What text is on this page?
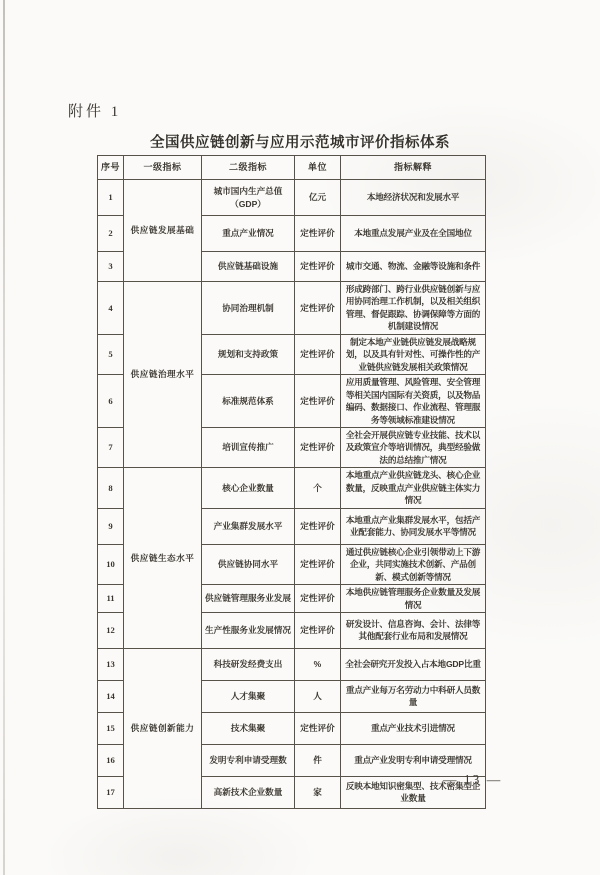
附件 1
全国供应链创新与应用示范城市评价指标体系
序号	一级指标	二级指标	单位	指标解释
1	供应链发展基础	城市国内生产总值（GDP）	亿元	本地经济状况和发展水平
2		重点产业情况	定性评价	本地重点发展产业及在全国地位
3		供应链基础设施	定性评价	城市交通、物流、金融等设施和条件
4	供应链治理水平	协同治理机制	定性评价	形成跨部门、跨行业供应链创新与应用协同治理工作机制，以及相关组织管理、督促跟踪、协调保障等方面的机制建设情况
5		规划和支持政策	定性评价	制定本地产业链供应链发展战略规划，以及具有针对性、可操作性的产业链供应链发展相关政策情况
6		标准规范体系	定性评价	应用质量管理、风险管理、安全管理等相关国内国际有关资质，以及物品编码、数据接口、作业流程、管理服务等领域标准建设情况
7		培训宣传推广	定性评价	全社会开展供应链专业技能、技术以及政策宣介等培训情况，典型经验做法的总结推广情况
8	供应链生态水平	核心企业数量	个	本地重点产业供应链龙头、核心企业数量，反映重点产业供应链主体实力情况
9		产业集群发展水平	定性评价	本地重点产业集群发展水平，包括产业配套能力、协同发展水平等情况
10		供应链协同水平	定性评价	通过供应链核心企业引领带动上下游企业，共同实施技术创新、产品创新、模式创新等情况
11		供应链管理服务业发展	定性评价	本地供应链管理服务企业数量及发展情况
12		生产性服务业发展情况	定性评价	研发设计、信息咨询、会计、法律等其他配套行业布局和发展情况
13	供应链创新能力	科技研发经费支出	%	全社会研究开发投入占本地GDP比重
14		人才集聚	人	重点产业每万名劳动力中科研人员数量
15		技术集聚	定性评价	重点产业技术引进情况
16		发明专利申请受理数	件	重点产业发明专利申请受理情况
17		高新技术企业数量	家	反映本地知识密集型、技术密集型企业数量
— 13 —
